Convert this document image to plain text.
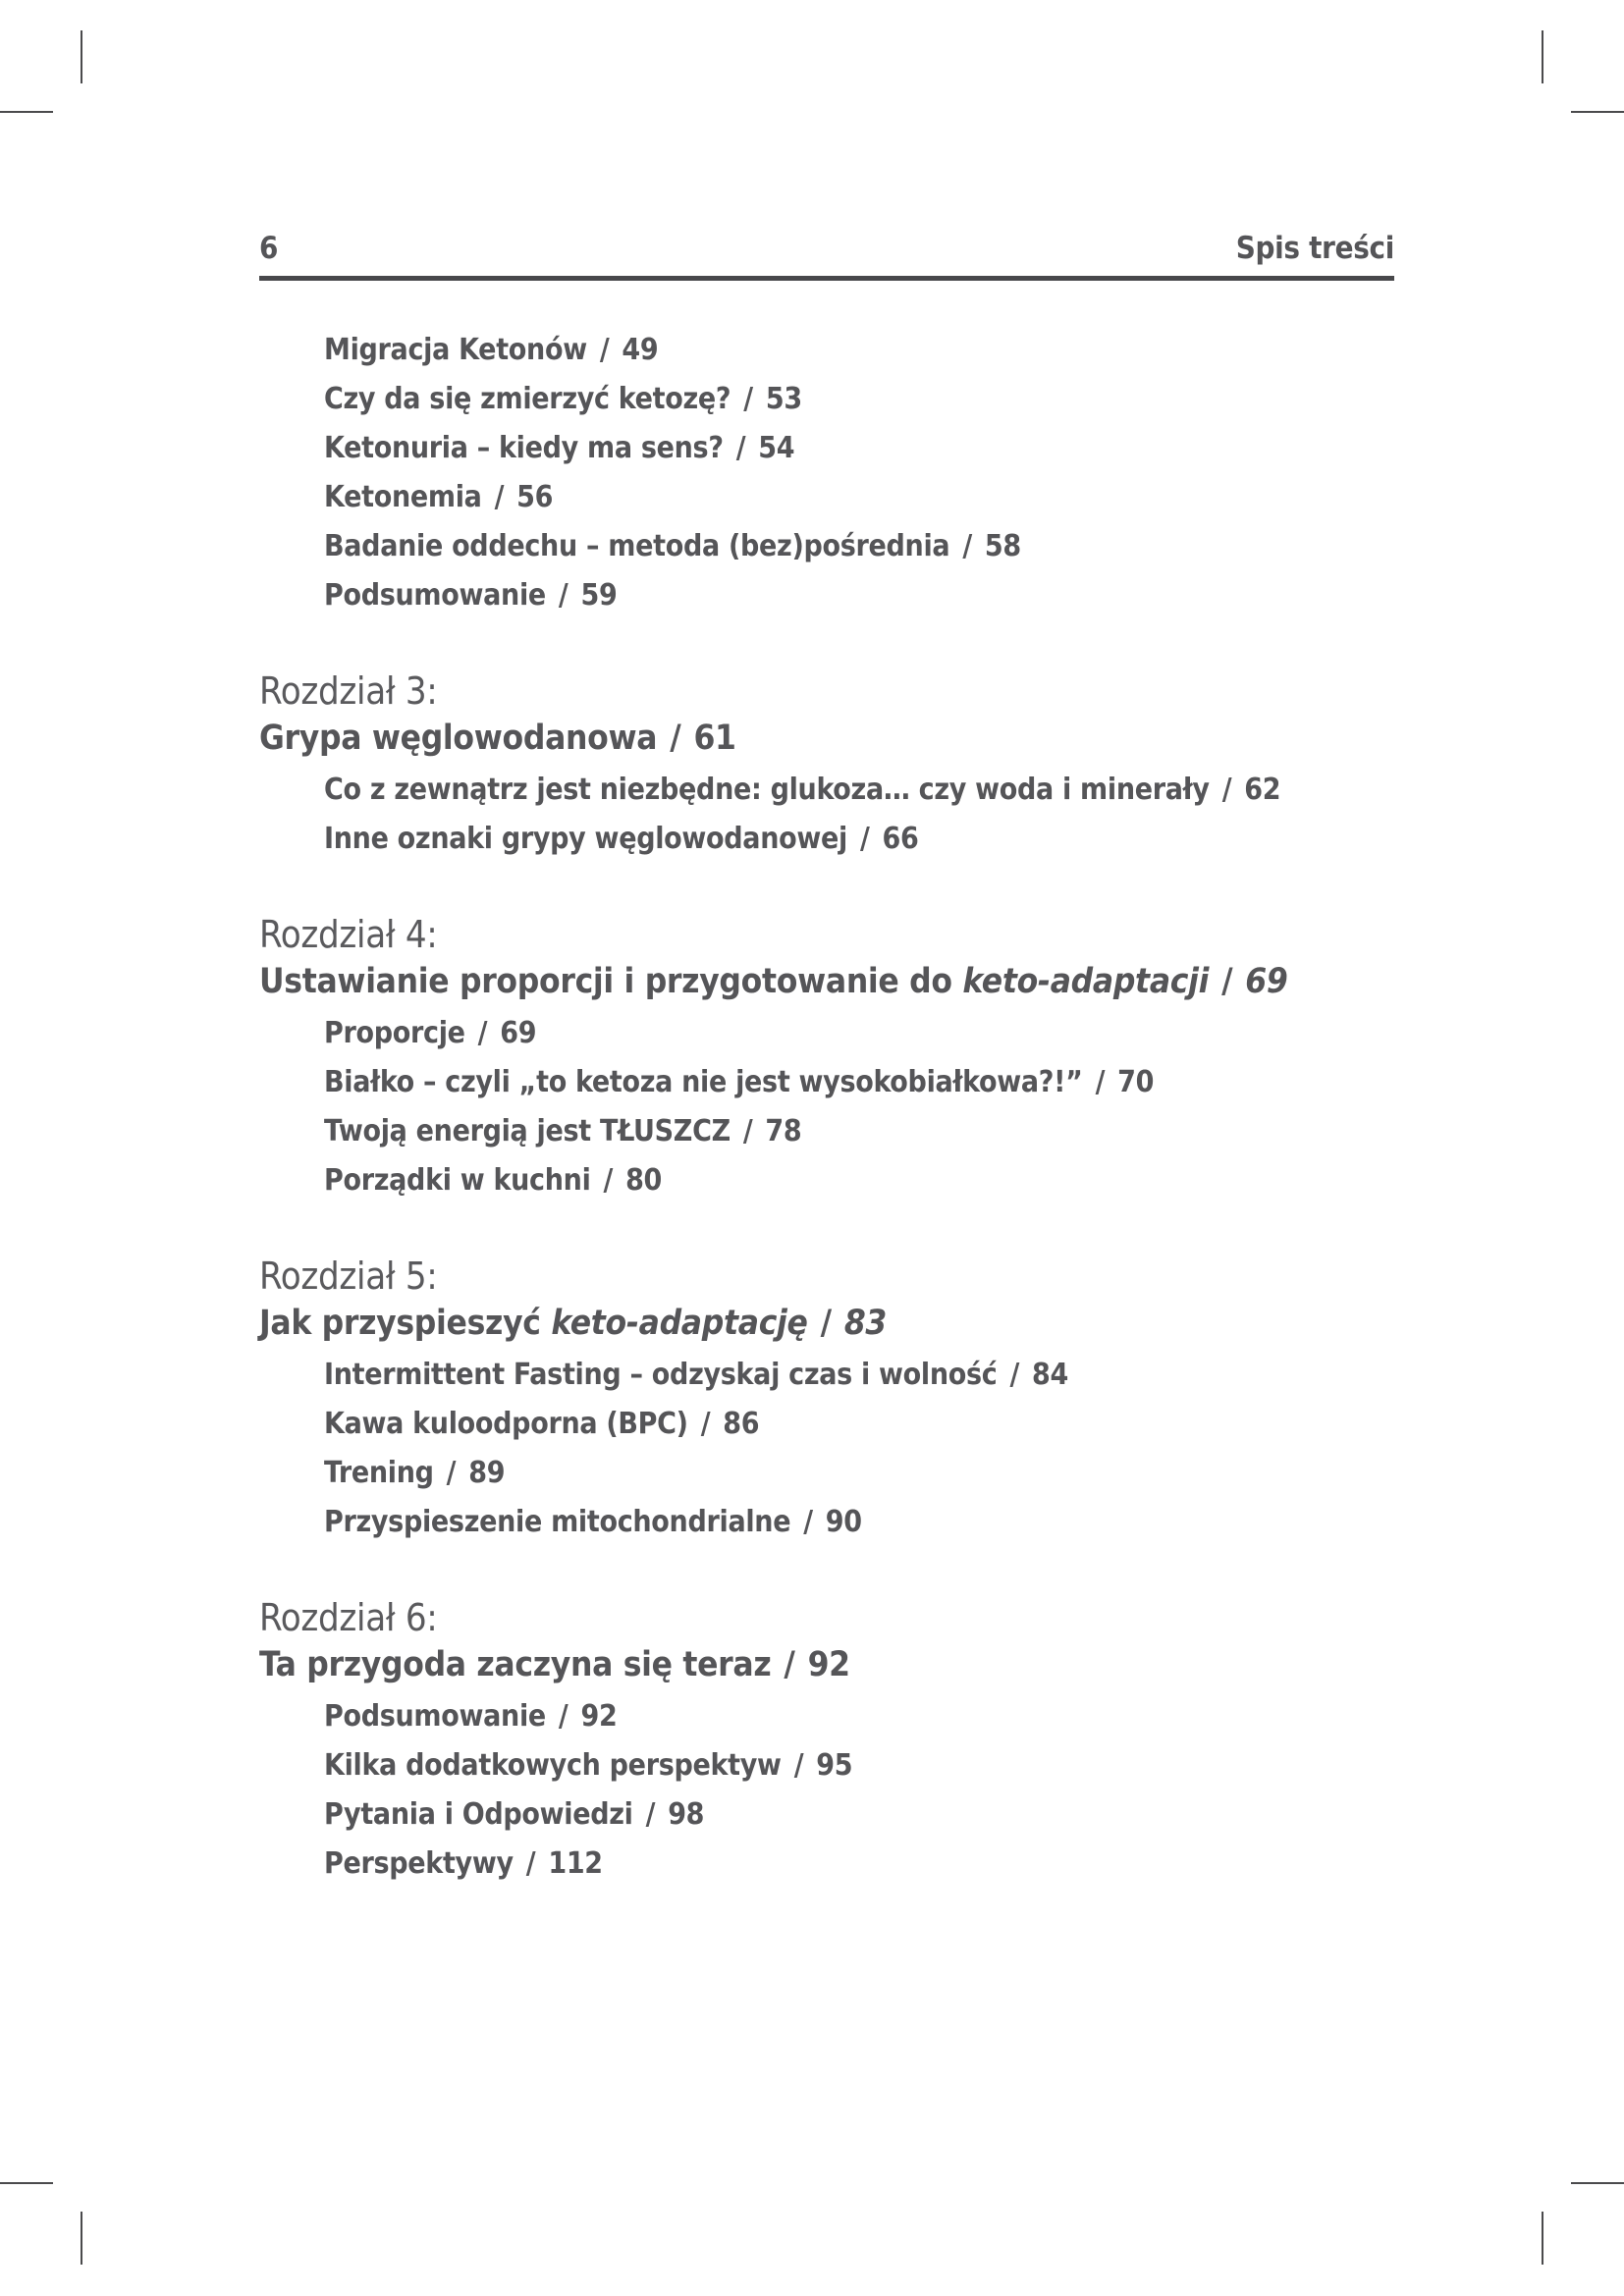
6	Spis treści
Migracja Ketonów / 49
Czy da się zmierzyć ketozę? / 53
Ketonuria – kiedy ma sens? / 54
Ketonemia / 56
Badanie oddechu – metoda (bez)pośrednia / 58
Podsumowanie / 59
Rozdział 3:
Grypa węglowodanowa / 61
Co z zewnątrz jest niezbędne: glukoza… czy woda i minerały / 62
Inne oznaki grypy węglowodanowej / 66
Rozdział 4:
Ustawianie proporcji i przygotowanie do keto-adaptacji / 69
Proporcje / 69
Białko – czyli „to ketoza nie jest wysokobiałkowa?!” / 70
Twoją energią jest TŁUSZCZ / 78
Porządki w kuchni / 80
Rozdział 5:
Jak przyspieszyć keto-adaptację / 83
Intermittent Fasting – odzyskaj czas i wolność / 84
Kawa kuloodporna (BPC) / 86
Trening / 89
Przyspieszenie mitochondrialne / 90
Rozdział 6:
Ta przygoda zaczyna się teraz / 92
Podsumowanie / 92
Kilka dodatkowych perspektyw / 95
Pytania i Odpowiedzi / 98
Perspektywy / 112
